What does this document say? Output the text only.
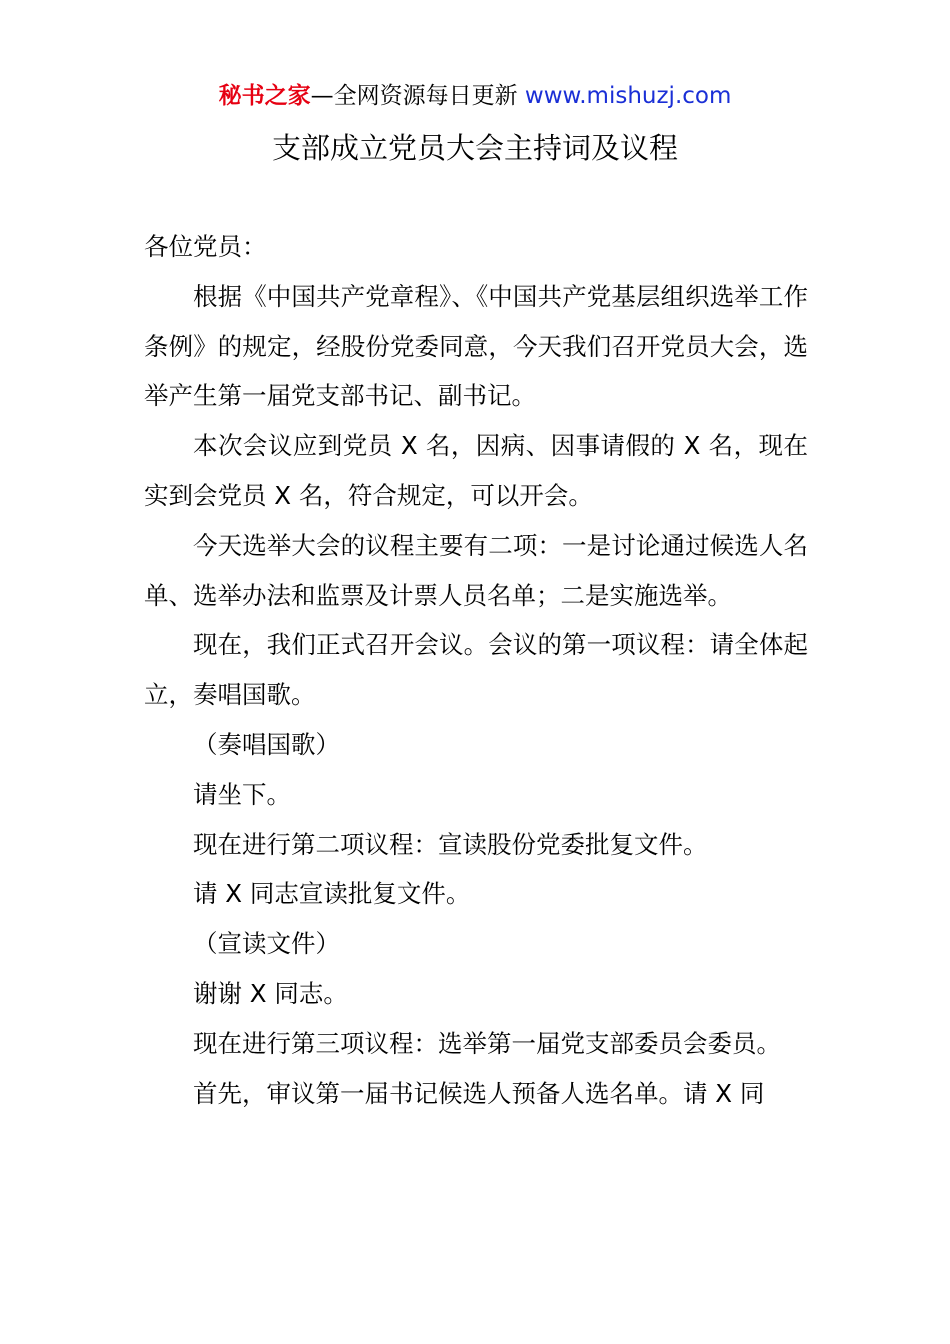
秘书之家—全网资源每日更新 www.mishuzj.com
支部成立党员大会主持词及议程

各位党员：

根据《中国共产党章程》、《中国共产党基层组织选举工作条例》的规定，经股份党委同意，今天我们召开党员大会，选举产生第一届党支部书记、副书记。

本次会议应到党员 X 名，因病、因事请假的 X 名，现在实到会党员 X 名，符合规定，可以开会。

今天选举大会的议程主要有二项：一是讨论通过候选人名单、选举办法和监票及计票人员名单；二是实施选举。

现在，我们正式召开会议。会议的第一项议程：请全体起立，奏唱国歌。

（奏唱国歌）

请坐下。

现在进行第二项议程：宣读股份党委批复文件。

请 X 同志宣读批复文件。

（宣读文件）

谢谢 X 同志。

现在进行第三项议程：选举第一届党支部委员会委员。

首先，审议第一届书记候选人预备人选名单。请 X 同
